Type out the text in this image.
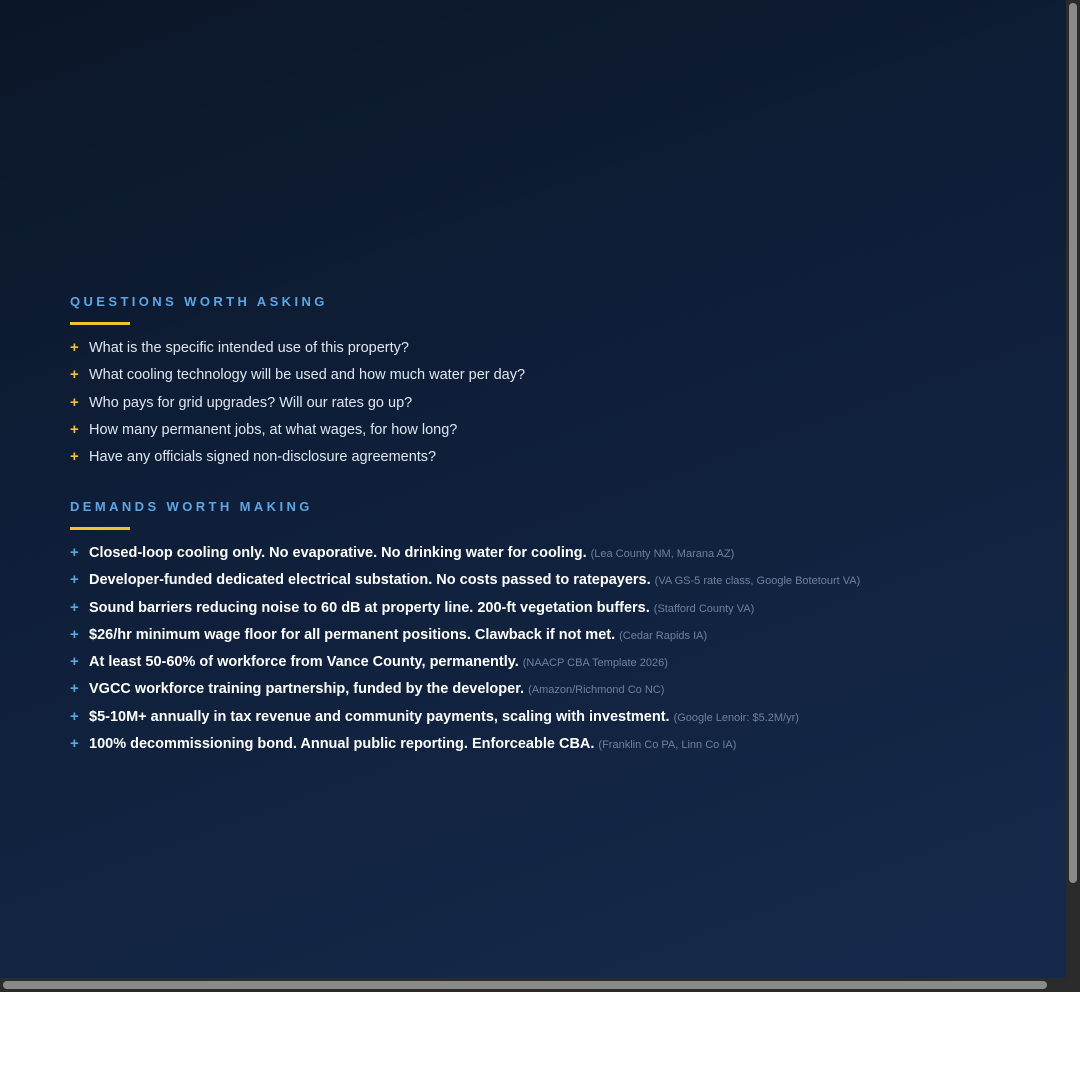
QUESTIONS WORTH ASKING
+ What is the specific intended use of this property?
+ What cooling technology will be used and how much water per day?
+ Who pays for grid upgrades? Will our rates go up?
+ How many permanent jobs, at what wages, for how long?
+ Have any officials signed non-disclosure agreements?
DEMANDS WORTH MAKING
+ Closed-loop cooling only. No evaporative. No drinking water for cooling. (Lea County NM, Marana AZ)
+ Developer-funded dedicated electrical substation. No costs passed to ratepayers. (VA GS-5 rate class, Google Botetourt VA)
+ Sound barriers reducing noise to 60 dB at property line. 200-ft vegetation buffers. (Stafford County VA)
+ $26/hr minimum wage floor for all permanent positions. Clawback if not met. (Cedar Rapids IA)
+ At least 50-60% of workforce from Vance County, permanently. (NAACP CBA Template 2026)
+ VGCC workforce training partnership, funded by the developer. (Amazon/Richmond Co NC)
+ $5-10M+ annually in tax revenue and community payments, scaling with investment. (Google Lenoir: $5.2M/yr)
+ 100% decommissioning bond. Annual public reporting. Enforceable CBA. (Franklin Co PA, Linn Co IA)
